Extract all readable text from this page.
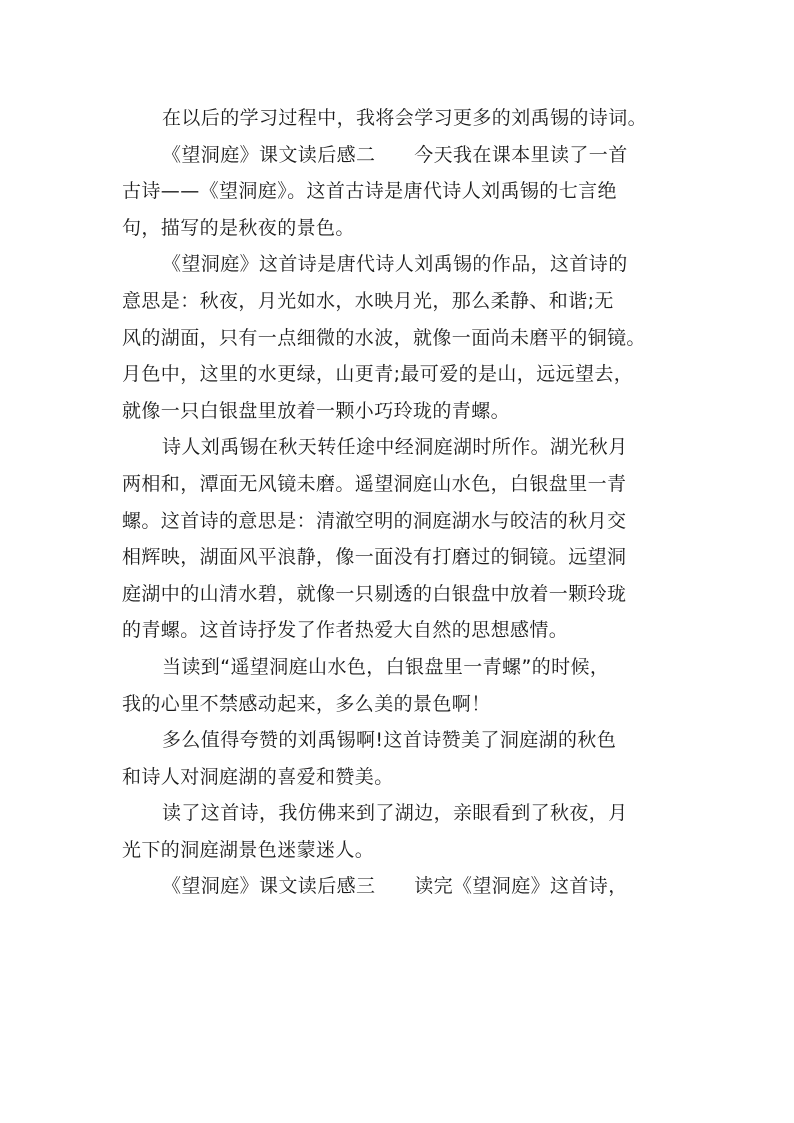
在以后的学习过程中，我将会学习更多的刘禹锡的诗词。
《望洞庭》课文读后感二　　今天我在课本里读了一首
古诗——《望洞庭》。这首古诗是唐代诗人刘禹锡的七言绝
句，描写的是秋夜的景色。
《望洞庭》这首诗是唐代诗人刘禹锡的作品，这首诗的
意思是：秋夜，月光如水，水映月光，那么柔静、和谐;无
风的湖面，只有一点细微的水波，就像一面尚未磨平的铜镜。
月色中，这里的水更绿，山更青;最可爱的是山，远远望去，
就像一只白银盘里放着一颗小巧玲珑的青螺。
诗人刘禹锡在秋天转任途中经洞庭湖时所作。湖光秋月
两相和，潭面无风镜未磨。遥望洞庭山水色，白银盘里一青
螺。这首诗的意思是：清澈空明的洞庭湖水与皎洁的秋月交
相辉映，湖面风平浪静，像一面没有打磨过的铜镜。远望洞
庭湖中的山清水碧，就像一只剔透的白银盘中放着一颗玲珑
的青螺。这首诗抒发了作者热爱大自然的思想感情。
当读到“遥望洞庭山水色，白银盘里一青螺”的时候，
我的心里不禁感动起来，多么美的景色啊！
多么值得夸赞的刘禹锡啊!这首诗赞美了洞庭湖的秋色
和诗人对洞庭湖的喜爱和赞美。
读了这首诗，我仿佛来到了湖边，亲眼看到了秋夜，月
光下的洞庭湖景色迷蒙迷人。
《望洞庭》课文读后感三　　读完《望洞庭》这首诗，
